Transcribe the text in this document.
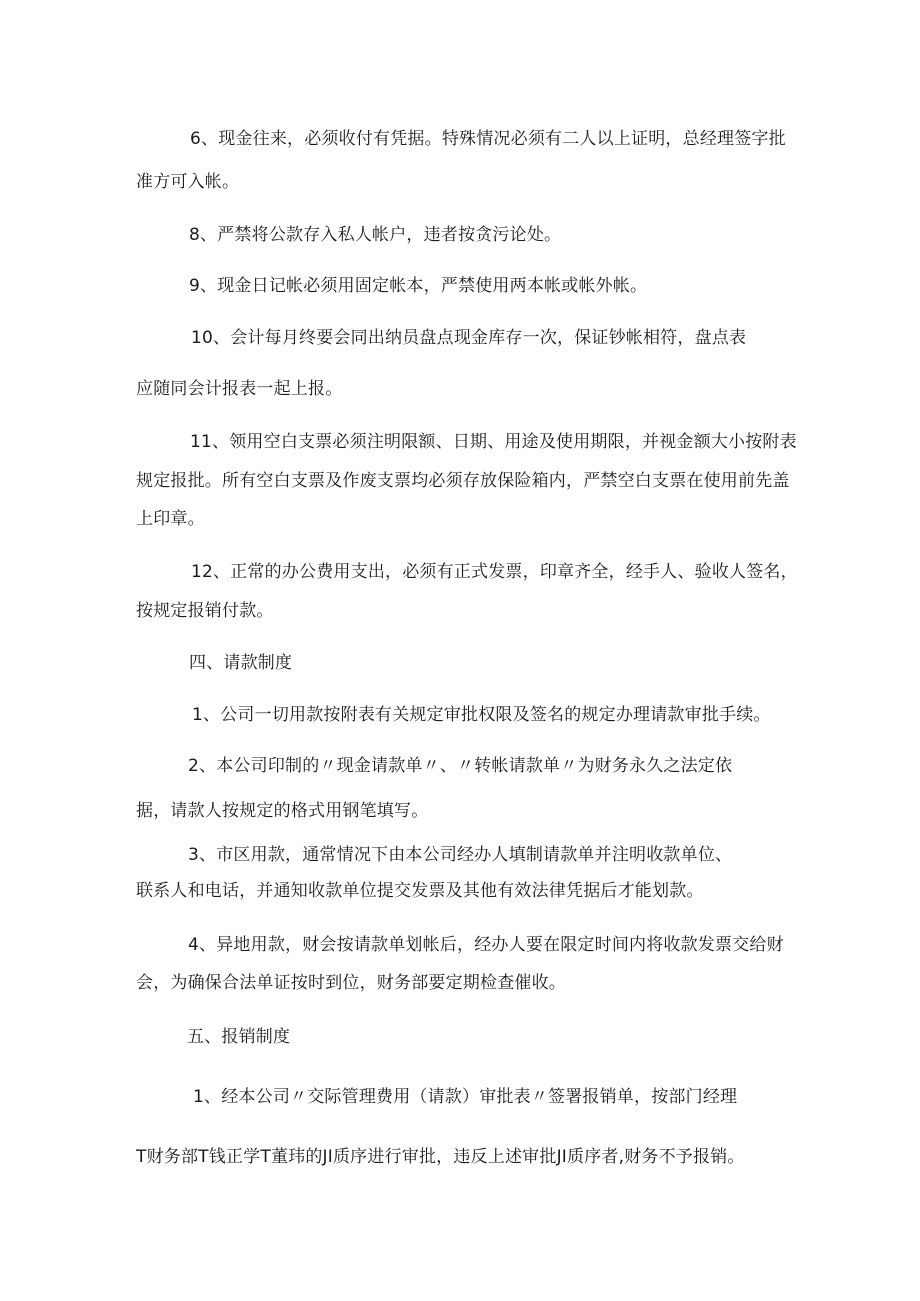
6、现金往来，必须收付有凭据。特殊情况必须有二人以上证明，总经理签字批
准方可入帐。
8、严禁将公款存入私人帐户，违者按贪污论处。
9、现金日记帐必须用固定帐本，严禁使用两本帐或帐外帐。
10、会计每月终要会同出纳员盘点现金库存一次，保证钞帐相符，盘点表
应随同会计报表一起上报。
11、领用空白支票必须注明限额、日期、用途及使用期限，并视金额大小按附表
规定报批。所有空白支票及作废支票均必须存放保险箱内，严禁空白支票在使用前先盖
上印章。
12、正常的办公费用支出，必须有正式发票，印章齐全，经手人、验收人签名，
按规定报销付款。
四、请款制度
1、公司一切用款按附表有关规定审批权限及签名的规定办理请款审批手续。
2、本公司印制的〃现金请款单〃、〃转帐请款单〃为财务永久之法定依
据，请款人按规定的格式用钢笔填写。
3、市区用款，通常情况下由本公司经办人填制请款单并注明收款单位、
联系人和电话，并通知收款单位提交发票及其他有效法律凭据后才能划款。
4、异地用款，财会按请款单划帐后，经办人要在限定时间内将收款发票交给财
会，为确保合法单证按时到位，财务部要定期检查催收。
五、报销制度
1、经本公司〃交际管理费用（请款）审批表〃签署报销单，按部门经理
T财务部T钱正学T董玮的JI质序进行审批，违反上述审批JI质序者,财务不予报销。
